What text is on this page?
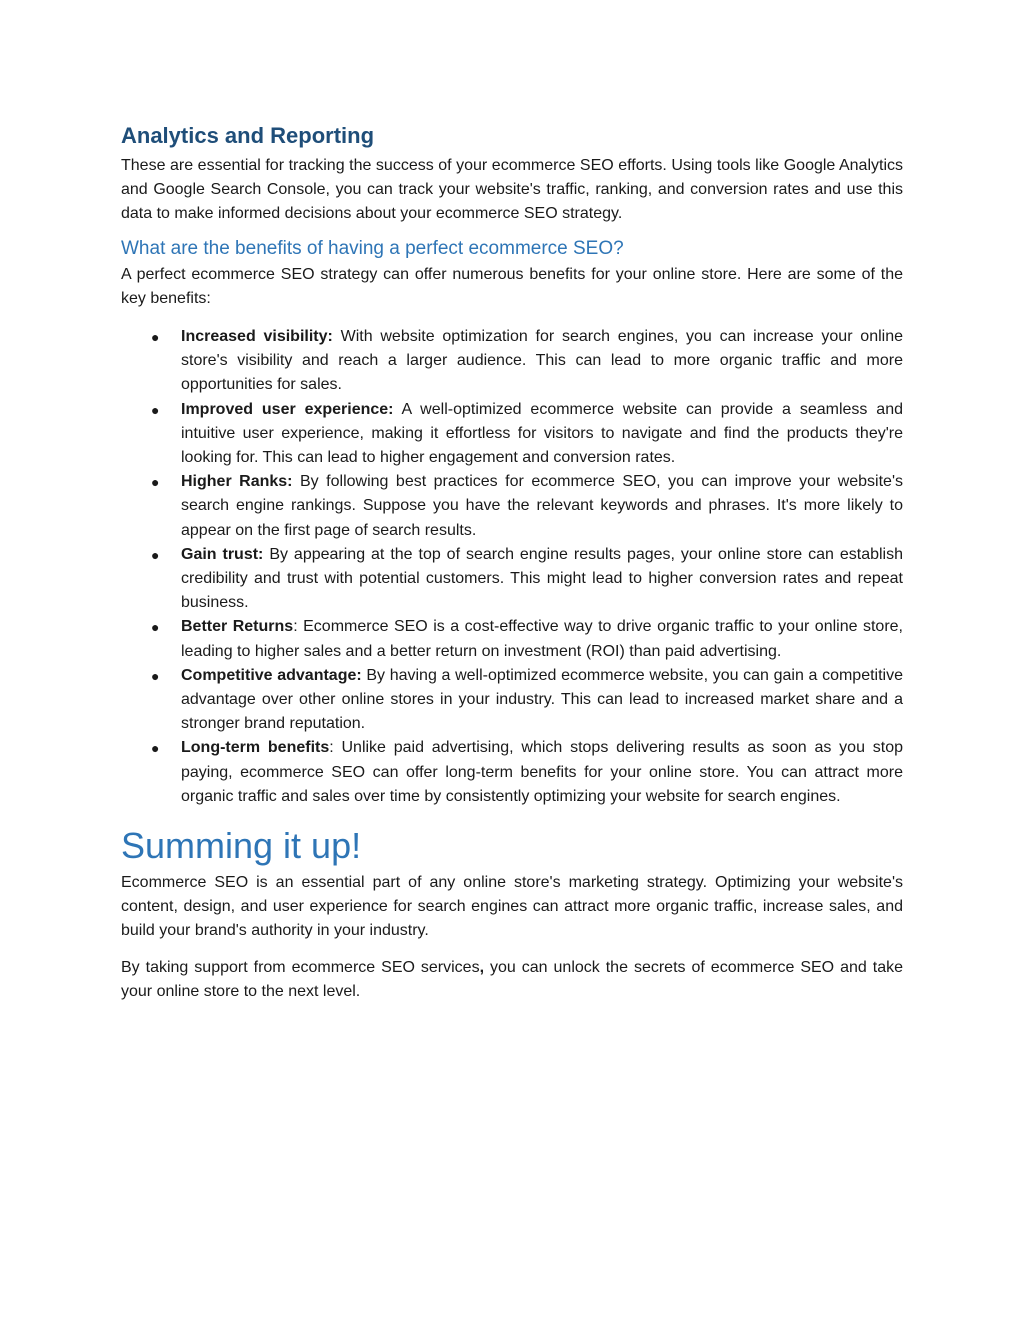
Analytics and Reporting

These are essential for tracking the success of your ecommerce SEO efforts. Using tools like Google Analytics and Google Search Console, you can track your website's traffic, ranking, and conversion rates and use this data to make informed decisions about your ecommerce SEO strategy.

What are the benefits of having a perfect ecommerce SEO?

A perfect ecommerce SEO strategy can offer numerous benefits for your online store. Here are some of the key benefits:

● Increased visibility: With website optimization for search engines, you can increase your online store's visibility and reach a larger audience. This can lead to more organic traffic and more opportunities for sales.
● Improved user experience: A well-optimized ecommerce website can provide a seamless and intuitive user experience, making it effortless for visitors to navigate and find the products they're looking for. This can lead to higher engagement and conversion rates.
● Higher Ranks: By following best practices for ecommerce SEO, you can improve your website's search engine rankings. Suppose you have the relevant keywords and phrases. It's more likely to appear on the first page of search results.
● Gain trust: By appearing at the top of search engine results pages, your online store can establish credibility and trust with potential customers. This might lead to higher conversion rates and repeat business.
● Better Returns: Ecommerce SEO is a cost-effective way to drive organic traffic to your online store, leading to higher sales and a better return on investment (ROI) than paid advertising.
● Competitive advantage: By having a well-optimized ecommerce website, you can gain a competitive advantage over other online stores in your industry. This can lead to increased market share and a stronger brand reputation.
● Long-term benefits: Unlike paid advertising, which stops delivering results as soon as you stop paying, ecommerce SEO can offer long-term benefits for your online store. You can attract more organic traffic and sales over time by consistently optimizing your website for search engines.
Summing it up!

Ecommerce SEO is an essential part of any online store's marketing strategy. Optimizing your website's content, design, and user experience for search engines can attract more organic traffic, increase sales, and build your brand's authority in your industry.

By taking support from ecommerce SEO services, you can unlock the secrets of ecommerce SEO and take your online store to the next level.
